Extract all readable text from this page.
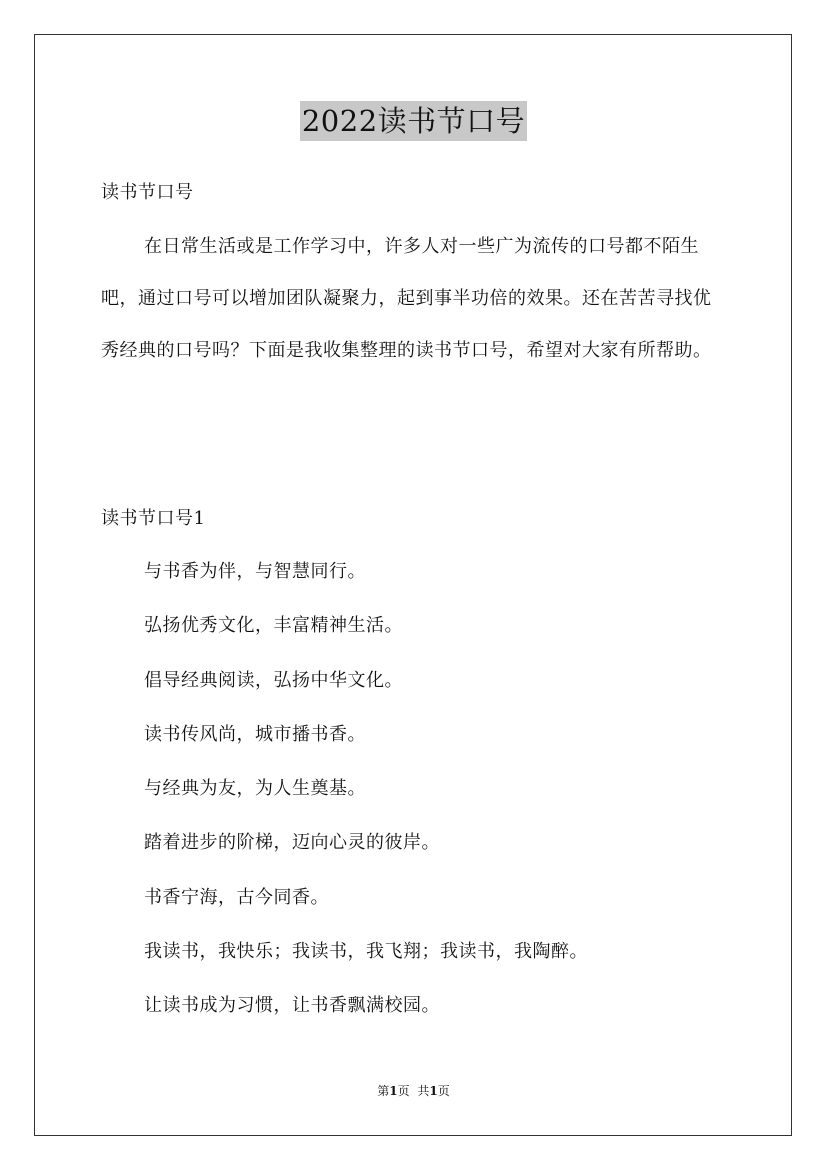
2022读书节口号
读书节口号
在日常生活或是工作学习中，许多人对一些广为流传的口号都不陌生吧，通过口号可以增加团队凝聚力，起到事半功倍的效果。还在苦苦寻找优秀经典的口号吗？下面是我收集整理的读书节口号，希望对大家有所帮助。
读书节口号1
与书香为伴，与智慧同行。
弘扬优秀文化，丰富精神生活。
倡导经典阅读，弘扬中华文化。
读书传风尚，城市播书香。
与经典为友，为人生奠基。
踏着进步的阶梯，迈向心灵的彼岸。
书香宁海，古今同香。
我读书，我快乐；我读书，我飞翔；我读书，我陶醉。
让读书成为习惯，让书香飘满校园。
第1页 共1页
